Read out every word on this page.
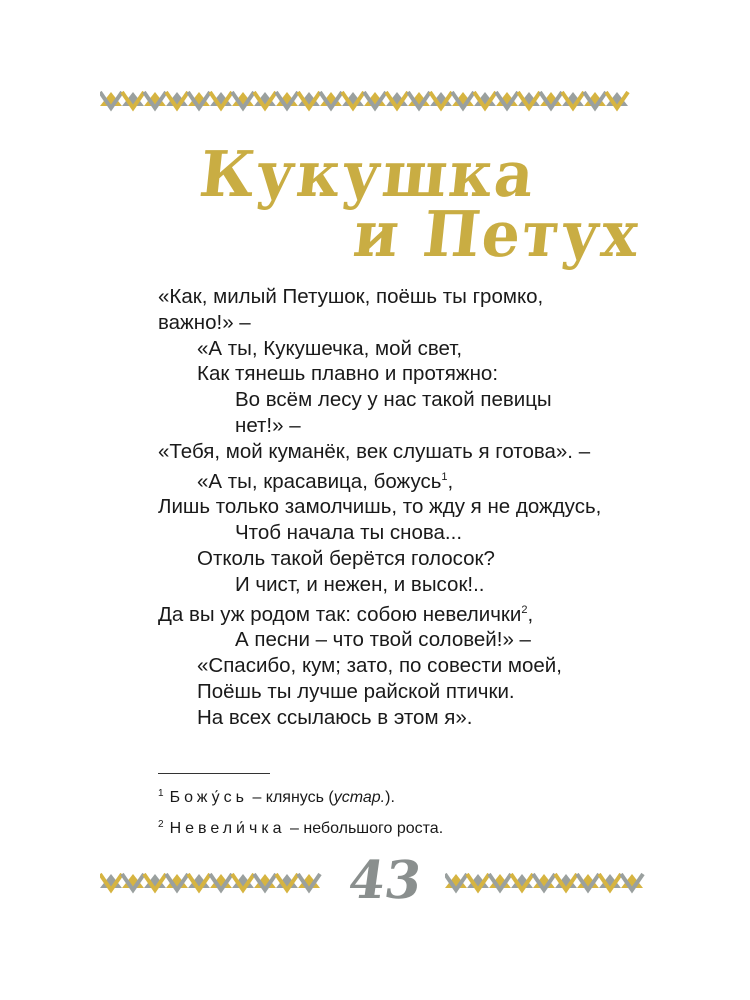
Кукушка
и Петух
«Как, милый Петушок, поёшь ты громко,
важно!» –
«А ты, Кукушечка, мой свет,
Как тянешь плавно и протяжно:
Во всём лесу у нас такой певицы
нет!» –
«Тебя, мой куманёк, век слушать я готова». –
«А ты, красавица, божусь$^1$,
Лишь только замолчишь, то жду я не дождусь,
Чтоб начала ты снова...
Отколь такой берётся голосок?
И чист, и нежен, и высок!..
Да вы уж родом так: собою невелички$^2$,
А песни – что твой соловей!» –
«Спасибо, кум; зато, по совести моей,
Поёшь ты лучше райской птички.
На всех ссылаюсь в этом я».
$^1$ Божу́сь – клянусь (устар.).
$^2$ Невели́чка – небольшого роста.
43
